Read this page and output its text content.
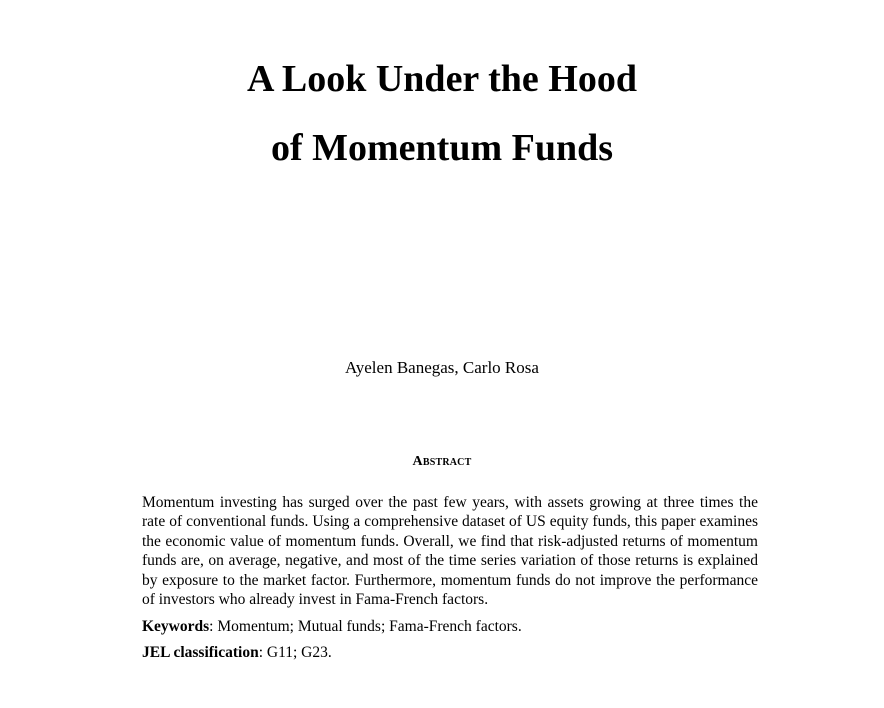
A Look Under the Hood
of Momentum Funds
Ayelen Banegas, Carlo Rosa
Abstract

Momentum investing has surged over the past few years, with assets growing at three times the rate of conventional funds. Using a comprehensive dataset of US equity funds, this paper examines the economic value of momentum funds. Overall, we find that risk-adjusted returns of momentum funds are, on average, negative, and most of the time series variation of those returns is explained by exposure to the market factor. Furthermore, momentum funds do not improve the performance of investors who already invest in Fama-French factors.

Keywords: Momentum; Mutual funds; Fama-French factors.

JEL classification: G11; G23.
